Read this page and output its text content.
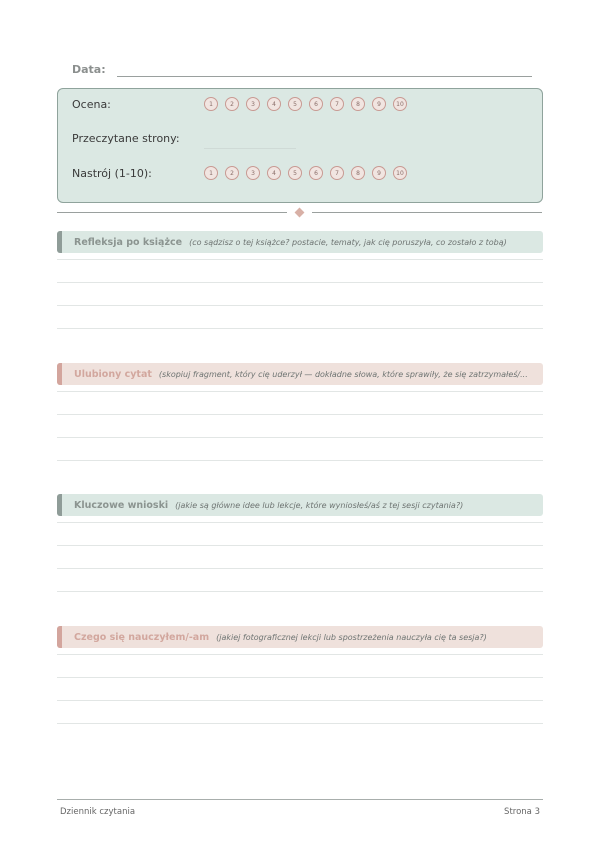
Data:
Ocena:	1	2	3	4	5	6	7	8	9	10
Przeczytane strony:
Nastrój (1-10):	1	2	3	4	5	6	7	8	9	10
Refleksja po książce (co sądzisz o tej książce? postacie, tematy, jak cię poruszyła, co zostało z tobą)
Ulubiony cytat (skopiuj fragment, który cię uderzył — dokładne słowa, które sprawiły, że się zatrzymałeś/...
Kluczowe wnioski (jakie są główne idee lub lekcje, które wyniosłeś/aś z tej sesji czytania?)
Czego się nauczyłem/-am (jakiej fotograficznej lekcji lub spostrzeżenia nauczyła cię ta sesja?)
Dziennik czytania	Strona 3
